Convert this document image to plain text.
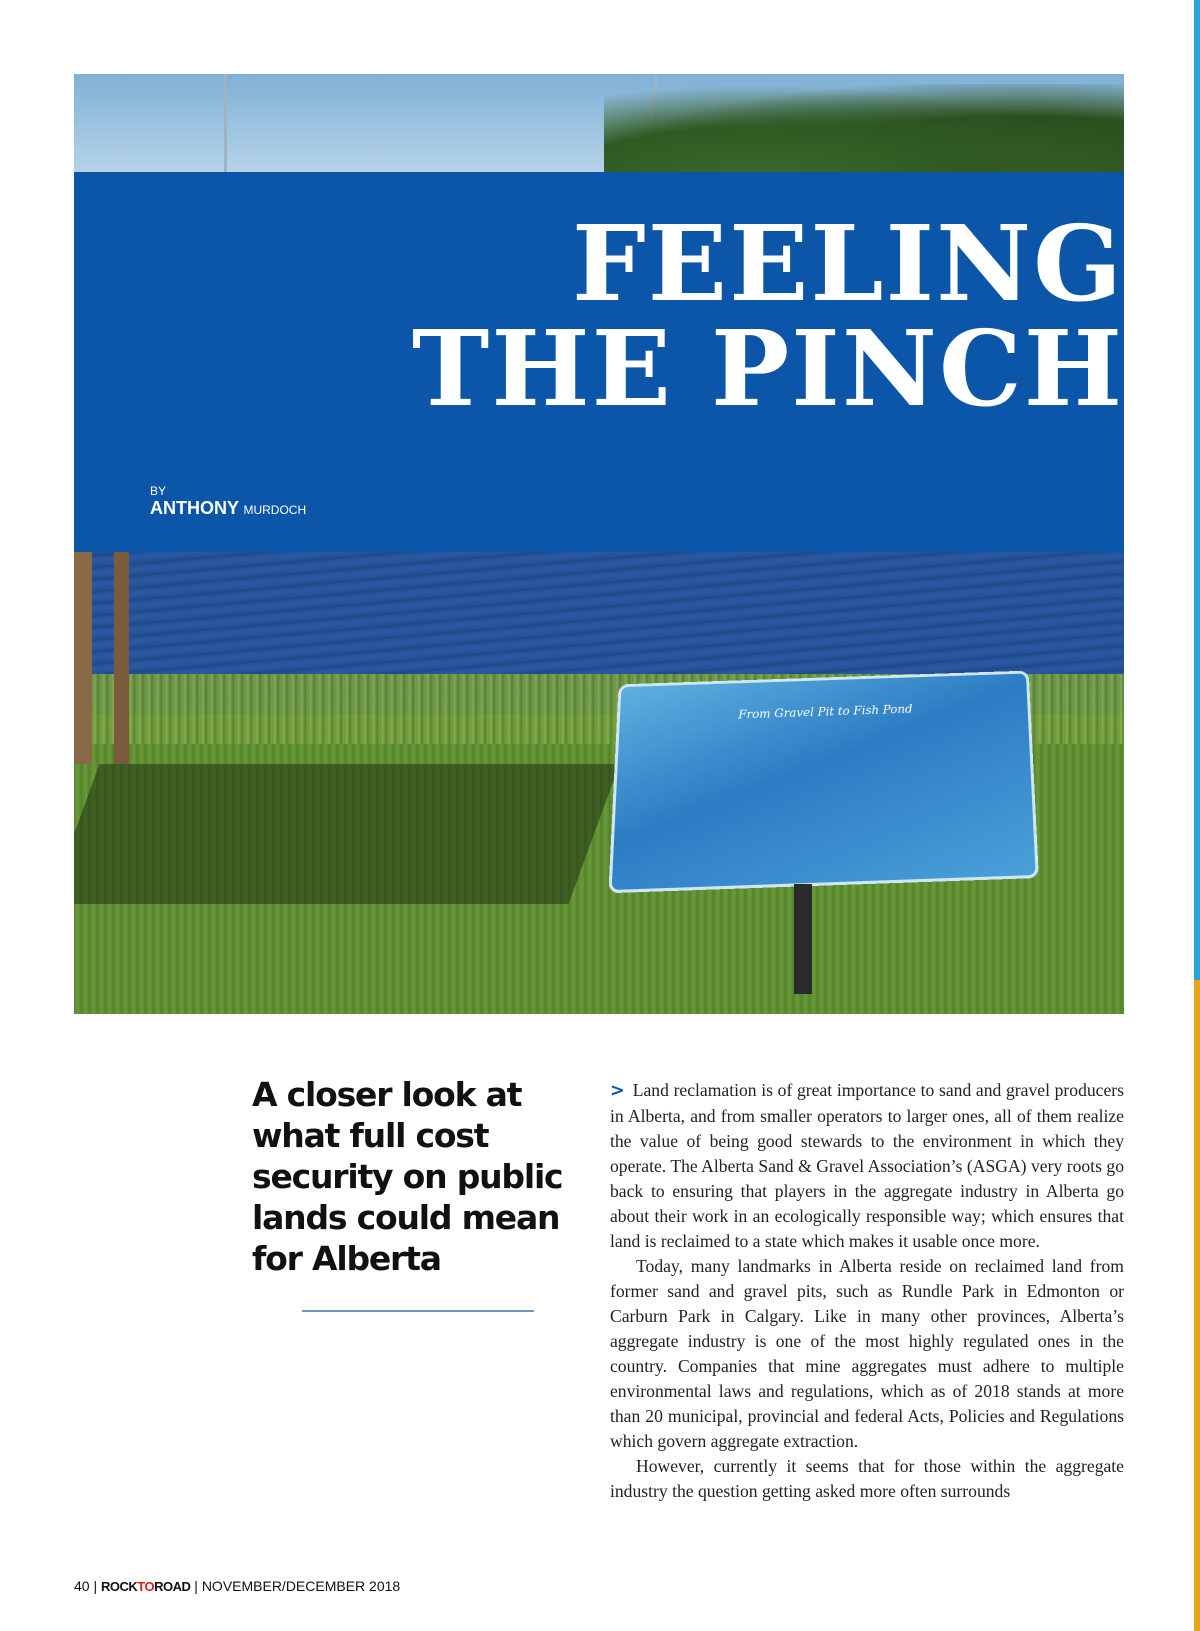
From Gravel Pit to Fish Pond
FEELING
THE PINCH
BY
ANTHONY MURDOCH
A closer look at what full cost security on public lands could mean for Alberta

> Land reclamation is of great importance to sand and gravel producers in Alberta, and from smaller operators to larger ones, all of them realize the value of being good stewards to the environment in which they operate. The Alberta Sand & Gravel Association’s (ASGA) very roots go back to ensuring that players in the aggregate industry in Alberta go about their work in an ecologically responsible way; which ensures that land is reclaimed to a state which makes it usable once more.

Today, many landmarks in Alberta reside on reclaimed land from former sand and gravel pits, such as Rundle Park in Edmonton or Carburn Park in Calgary. Like in many other provinces, Alberta’s aggregate industry is one of the most highly regulated ones in the country. Companies that mine aggregates must adhere to multiple environmental laws and regulations, which as of 2018 stands at more than 20 municipal, provincial and federal Acts, Policies and Regulations which govern aggregate extraction.

However, currently it seems that for those within the aggregate industry the question getting asked more often surrounds

40 | ROCKTOROAD | NOVEMBER/DECEMBER 2018
